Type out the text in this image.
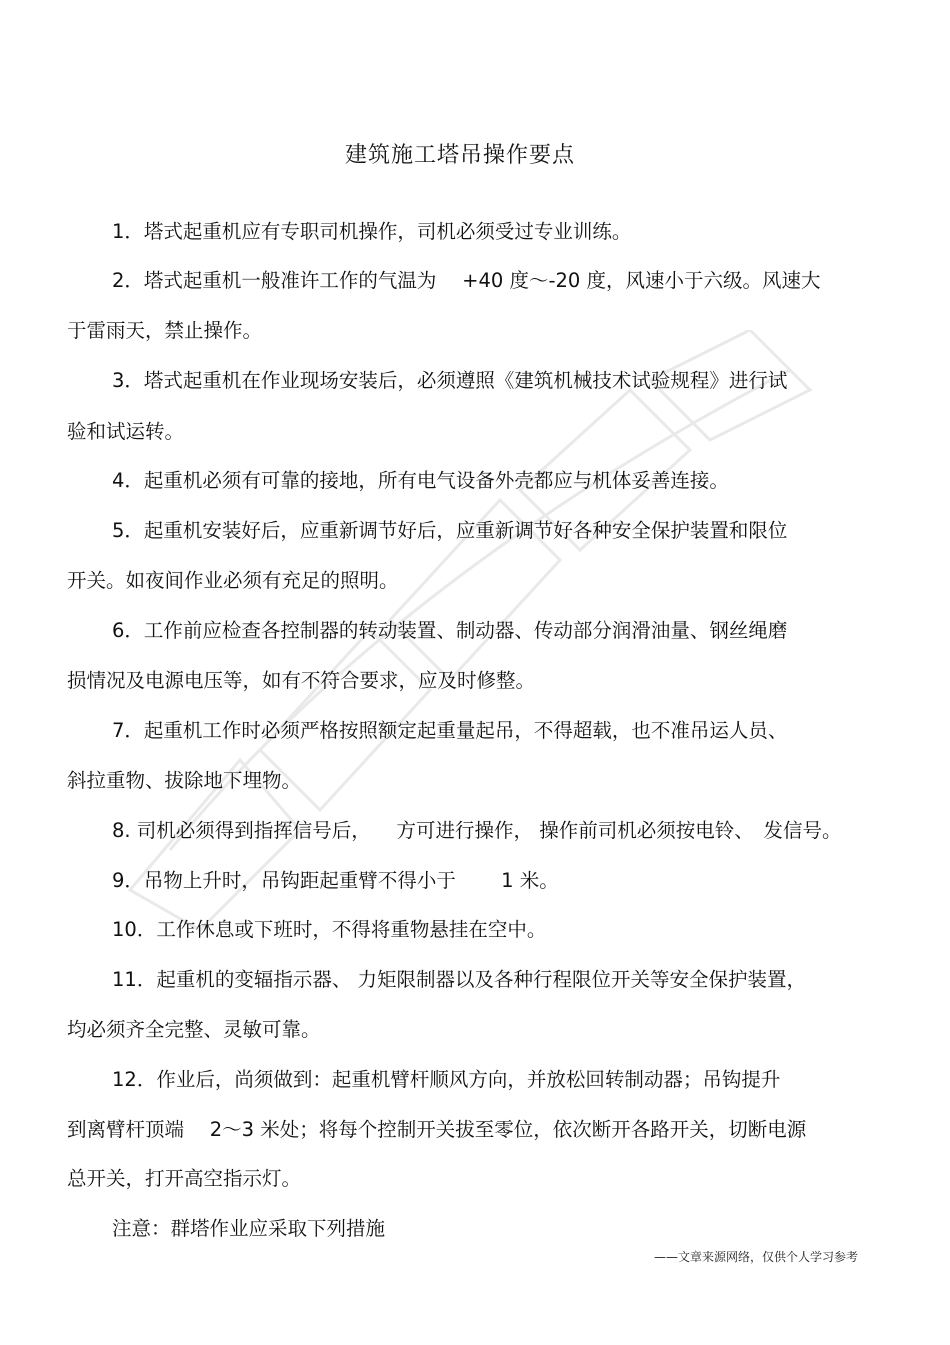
建筑施工塔吊操作要点
1．塔式起重机应有专职司机操作，司机必须受过专业训练。
2．塔式起重机一般准许工作的气温为 　+40 度～-20 度，风速小于六级。风速大
于雷雨天，禁止操作。
3．塔式起重机在作业现场安装后，必须遵照《建筑机械技术试验规程》进行试
验和试运转。
4．起重机必须有可靠的接地，所有电气设备外壳都应与机体妥善连接。
5．起重机安装好后，应重新调节好后，应重新调节好各种安全保护装置和限位
开关。如夜间作业必须有充足的照明。
6．工作前应检查各控制器的转动装置、制动器、传动部分润滑油量、钢丝绳磨
损情况及电源电压等，如有不符合要求，应及时修整。
7．起重机工作时必须严格按照额定起重量起吊，不得超载，也不准吊运人员、
斜拉重物、拔除地下埋物。
8. 司机必须得到指挥信号后， 　方可进行操作， 操作前司机必须按电铃、　发信号。
9．吊物上升时，吊钩距起重臂不得小于 　　1 米。
10．工作休息或下班时，不得将重物悬挂在空中。
11．起重机的变辐指示器、 力矩限制器以及各种行程限位开关等安全保护装置，
均必须齐全完整、灵敏可靠。
12．作业后，尚须做到：起重机臂杆顺风方向，并放松回转制动器；吊钩提升
到离臂杆顶端 　2～3 米处；将每个控制开关拔至零位，依次断开各路开关，切断电源
总开关，打开高空指示灯。
注意：群塔作业应采取下列措施
——文章来源网络，仅供个人学习参考
